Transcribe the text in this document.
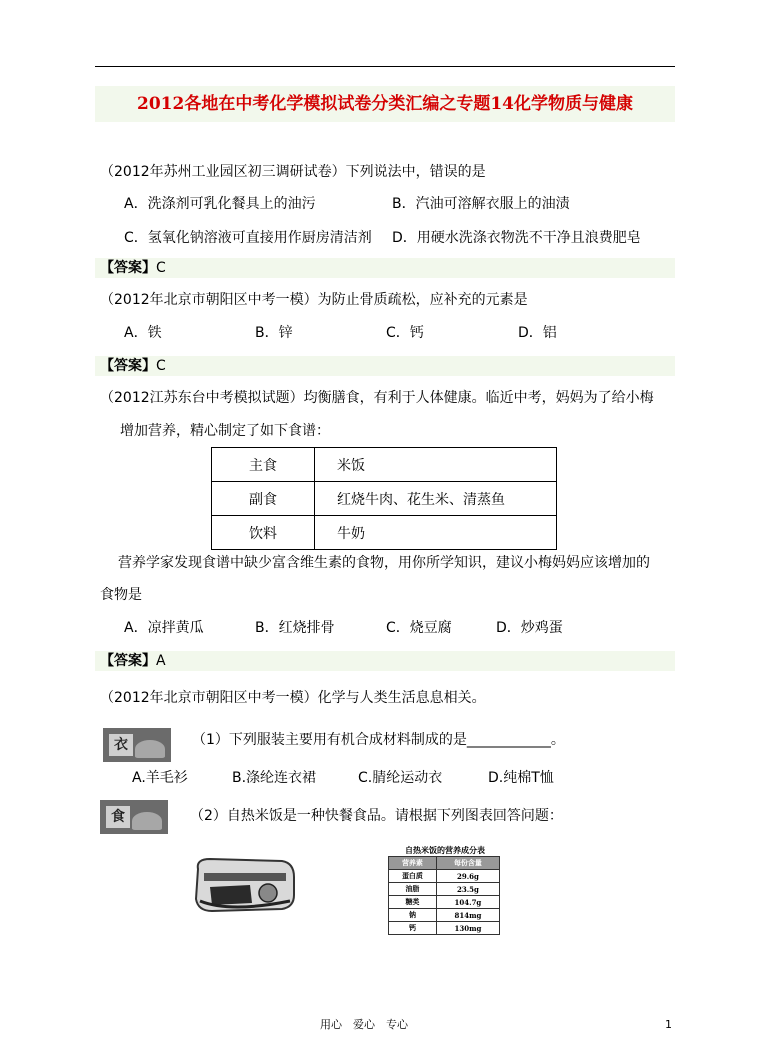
2012各地在中考化学模拟试卷分类汇编之专题14化学物质与健康
（2012年苏州工业园区初三调研试卷）下列说法中，错误的是
A．洗涤剂可乳化餐具上的油污	B．汽油可溶解衣服上的油渍
C．氢氧化钠溶液可直接用作厨房清洁剂 D．用硬水洗涤衣物洗不干净且浪费肥皂
【答案】C
（2012年北京市朝阳区中考一模）为防止骨质疏松，应补充的元素是
A．铁	B．锌	C．钙	D．铝
【答案】C
（2012江苏东台中考模拟试题）均衡膳食，有利于人体健康。临近中考，妈妈为了给小梅
增加营养，精心制定了如下食谱：
主食	米饭
副食	红烧牛肉、花生米、清蒸鱼
饮料	牛奶
营养学家发现食谱中缺少富含维生素的食物，用你所学知识，建议小梅妈妈应该增加的
食物是
A．凉拌黄瓜	B．红烧排骨	C．烧豆腐	D．炒鸡蛋
【答案】A
（2012年北京市朝阳区中考一模）化学与人类生活息息相关。
衣	（1）下列服装主要用有机合成材料制成的是____________。
A.羊毛衫	B.涤纶连衣裙	C.腈纶运动衣	D.纯棉T恤
食	（2）自热米饭是一种快餐食品。请根据下列图表回答问题：
自热米饭的营养成分表
营养素	每份含量
蛋白质	29.6g
油脂	23.5g
糖类	104.7g
钠	814mg
钙	130mg
用心　爱心　专心	1
